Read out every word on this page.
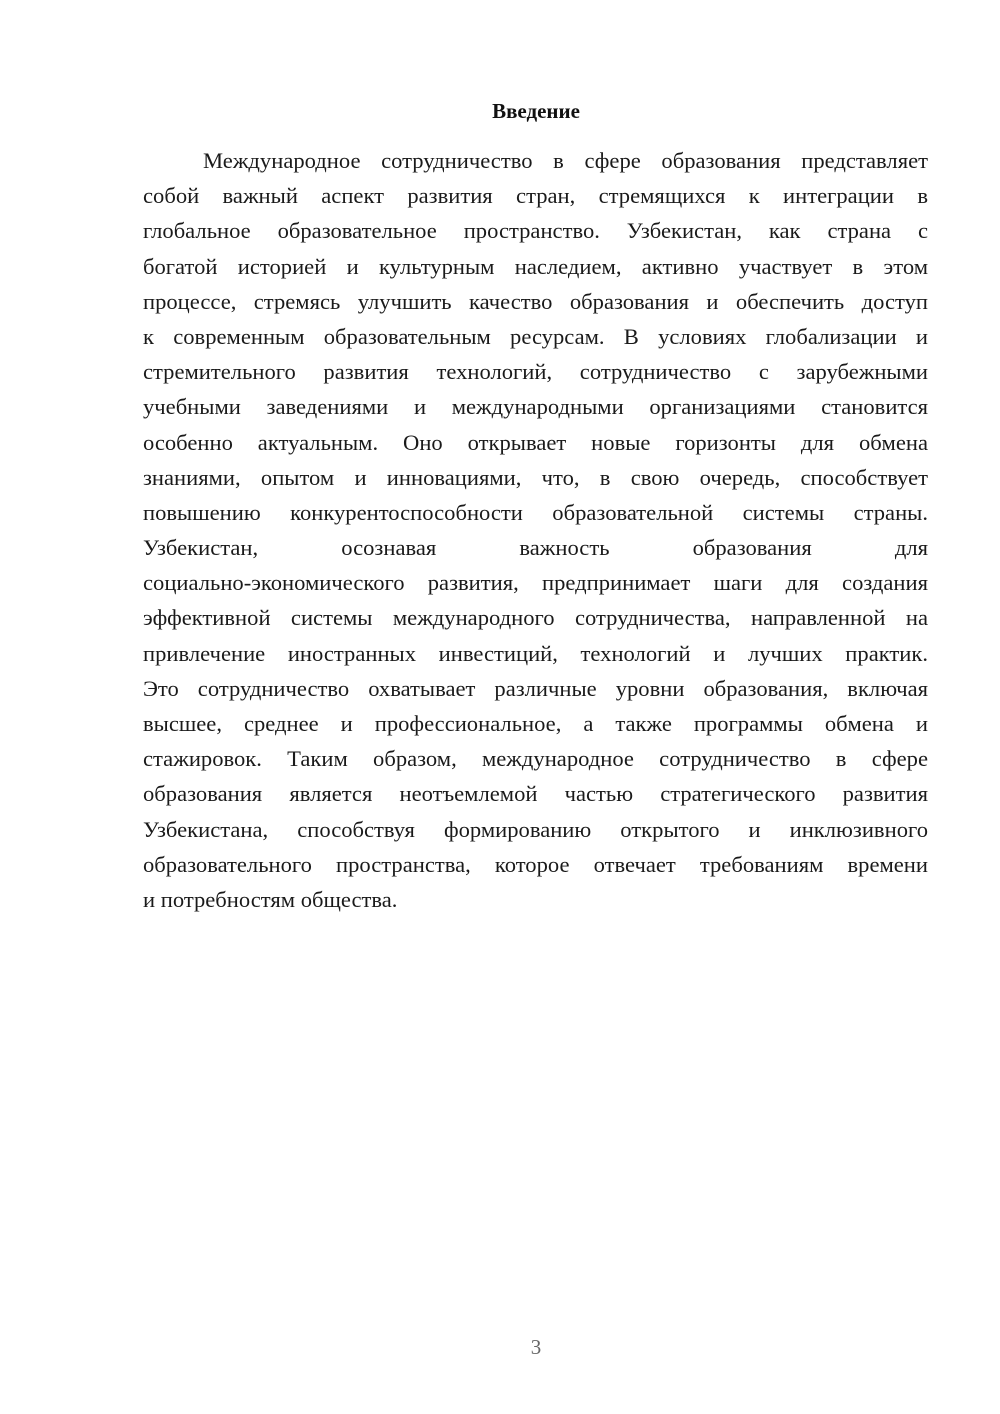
Введение
Международное сотрудничество в сфере образования представляет
собой важный аспект развития стран, стремящихся к интеграции в
глобальное образовательное пространство. Узбекистан, как страна с
богатой историей и культурным наследием, активно участвует в этом
процессе, стремясь улучшить качество образования и обеспечить доступ
к современным образовательным ресурсам. В условиях глобализации и
стремительного развития технологий, сотрудничество с зарубежными
учебными заведениями и международными организациями становится
особенно актуальным. Оно открывает новые горизонты для обмена
знаниями, опытом и инновациями, что, в свою очередь, способствует
повышению конкурентоспособности образовательной системы страны.
Узбекистан, осознавая важность образования для
социально-экономического развития, предпринимает шаги для создания
эффективной системы международного сотрудничества, направленной на
привлечение иностранных инвестиций, технологий и лучших практик.
Это сотрудничество охватывает различные уровни образования, включая
высшее, среднее и профессиональное, а также программы обмена и
стажировок. Таким образом, международное сотрудничество в сфере
образования является неотъемлемой частью стратегического развития
Узбекистана, способствуя формированию открытого и инклюзивного
образовательного пространства, которое отвечает требованиям времени
и потребностям общества.
3
